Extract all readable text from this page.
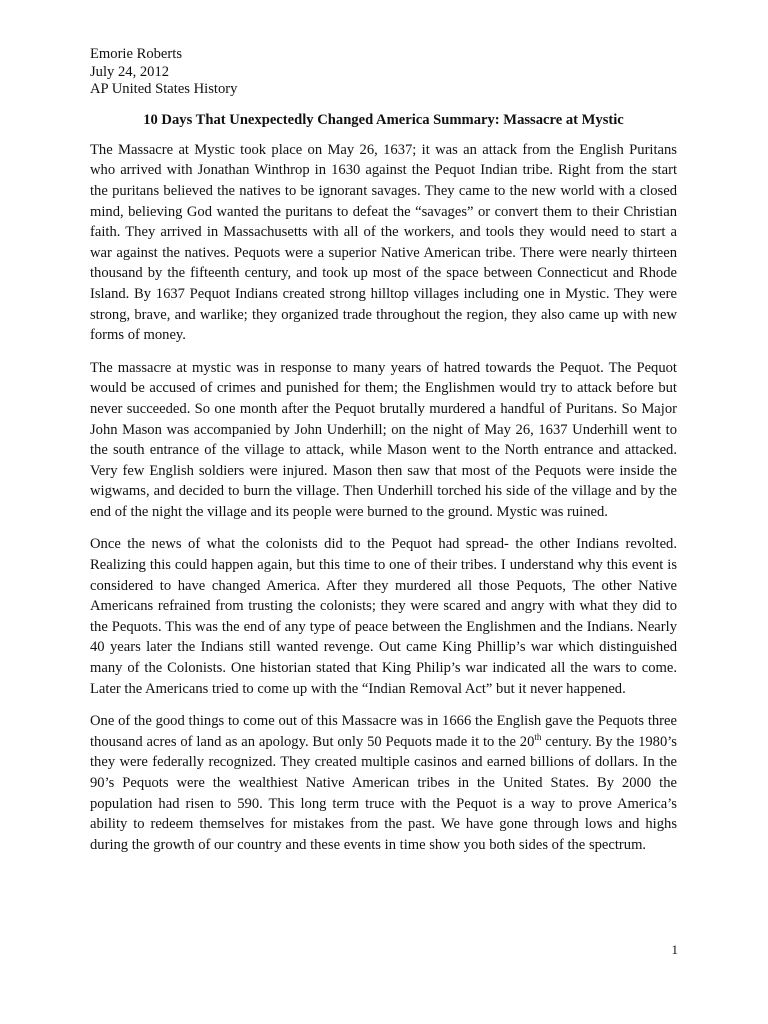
Emorie Roberts
July 24, 2012
AP United States History
10 Days That Unexpectedly Changed America Summary: Massacre at Mystic

The Massacre at Mystic took place on May 26, 1637; it was an attack from the English Puritans who arrived with Jonathan Winthrop in 1630 against the Pequot Indian tribe. Right from the start the puritans believed the natives to be ignorant savages. They came to the new world with a closed mind, believing God wanted the puritans to defeat the “savages” or convert them to their Christian faith. They arrived in Massachusetts with all of the workers, and tools they would need to start a war against the natives. Pequots were a superior Native American tribe. There were nearly thirteen thousand by the fifteenth century, and took up most of the space between Connecticut and Rhode Island. By 1637 Pequot Indians created strong hilltop villages including one in Mystic. They were strong, brave, and warlike; they organized trade throughout the region, they also came up with new forms of money.

The massacre at mystic was in response to many years of hatred towards the Pequot. The Pequot would be accused of crimes and punished for them; the Englishmen would try to attack before but never succeeded. So one month after the Pequot brutally murdered a handful of Puritans. So Major John Mason was accompanied by John Underhill; on the night of May 26, 1637 Underhill went to the south entrance of the village to attack, while Mason went to the North entrance and attacked. Very few English soldiers were injured. Mason then saw that most of the Pequots were inside the wigwams, and decided to burn the village. Then Underhill torched his side of the village and by the end of the night the village and its people were burned to the ground. Mystic was ruined.

Once the news of what the colonists did to the Pequot had spread- the other Indians revolted. Realizing this could happen again, but this time to one of their tribes. I understand why this event is considered to have changed America. After they murdered all those Pequots, The other Native Americans refrained from trusting the colonists; they were scared and angry with what they did to the Pequots. This was the end of any type of peace between the Englishmen and the Indians. Nearly 40 years later the Indians still wanted revenge. Out came King Phillip’s war which distinguished many of the Colonists. One historian stated that King Philip’s war indicated all the wars to come. Later the Americans tried to come up with the “Indian Removal Act” but it never happened.

One of the good things to come out of this Massacre was in 1666 the English gave the Pequots three thousand acres of land as an apology. But only 50 Pequots made it to the 20th century. By the 1980’s they were federally recognized. They created multiple casinos and earned billions of dollars. In the 90’s Pequots were the wealthiest Native American tribes in the United States. By 2000 the population had risen to 590. This long term truce with the Pequot is a way to prove America’s ability to redeem themselves for mistakes from the past. We have gone through lows and highs during the growth of our country and these events in time show you both sides of the spectrum.

1
